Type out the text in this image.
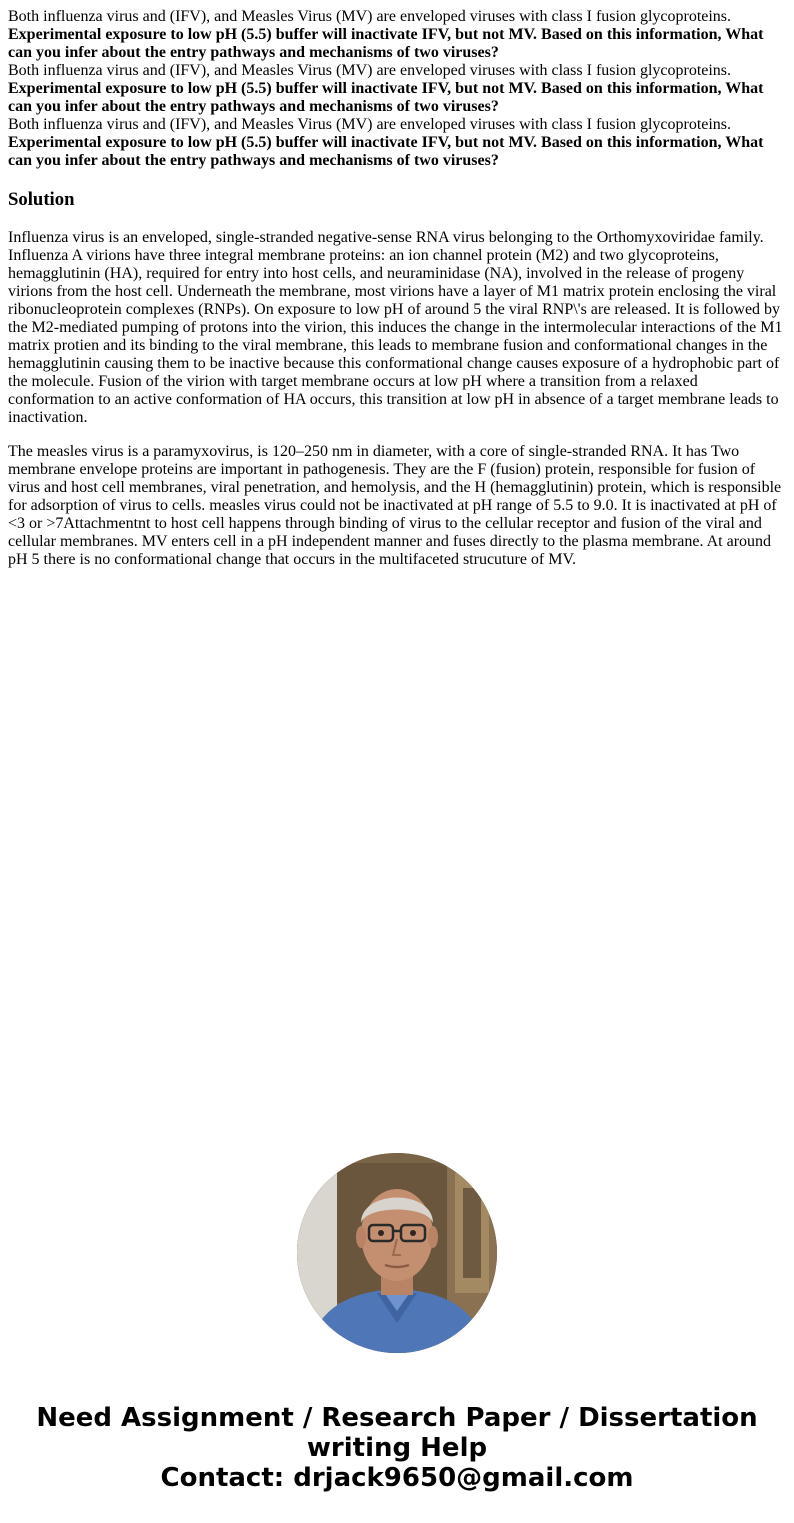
Both influenza virus and (IFV), and Measles Virus (MV) are enveloped viruses with class I fusion glycoproteins.
Experimental exposure to low pH (5.5) buffer will inactivate IFV, but not MV. Based on this information, What can you infer about the entry pathways and mechanisms of two viruses?
Both influenza virus and (IFV), and Measles Virus (MV) are enveloped viruses with class I fusion glycoproteins.
Experimental exposure to low pH (5.5) buffer will inactivate IFV, but not MV. Based on this information, What can you infer about the entry pathways and mechanisms of two viruses?
Both influenza virus and (IFV), and Measles Virus (MV) are enveloped viruses with class I fusion glycoproteins.
Experimental exposure to low pH (5.5) buffer will inactivate IFV, but not MV. Based on this information, What can you infer about the entry pathways and mechanisms of two viruses?
Solution

Influenza virus is an enveloped, single-stranded negative-sense RNA virus belonging to the Orthomyxoviridae family. Influenza A virions have three integral membrane proteins: an ion channel protein (M2) and two glycoproteins, hemagglutinin (HA), required for entry into host cells, and neuraminidase (NA), involved in the release of progeny virions from the host cell. Underneath the membrane, most virions have a layer of M1 matrix protein enclosing the viral ribonucleoprotein complexes (RNPs). On exposure to low pH of around 5 the viral RNP\'s are released. It is followed by the M2-mediated pumping of protons into the virion, this induces the change in the intermolecular interactions of the M1 matrix protien and its binding to the viral membrane, this leads to membrane fusion and conformational changes in the hemagglutinin causing them to be inactive because this conformational change causes exposure of a hydrophobic part of the molecule. Fusion of the virion with target membrane occurs at low pH where a transition from a relaxed conformation to an active conformation of HA occurs, this transition at low pH in absence of a target membrane leads to inactivation.

The measles virus is a paramyxovirus, is 120–250 nm in diameter, with a core of single-stranded RNA. It has Two membrane envelope proteins are important in pathogenesis. They are the F (fusion) protein, responsible for fusion of virus and host cell membranes, viral penetration, and hemolysis, and the H (hemagglutinin) protein, which is responsible for adsorption of virus to cells. measles virus could not be inactivated at pH range of 5.5 to 9.0. It is inactivated at pH of <3 or >7Attachmentnt to host cell happens through binding of virus to the cellular receptor and fusion of the viral and cellular membranes. MV enters cell in a pH independent manner and fuses directly to the plasma membrane. At around pH 5 there is no conformational change that occurs in the multifaceted strucuture of MV.

Need Assignment / Research Paper / Dissertation
writing Help
Contact: drjack9650@gmail.com
